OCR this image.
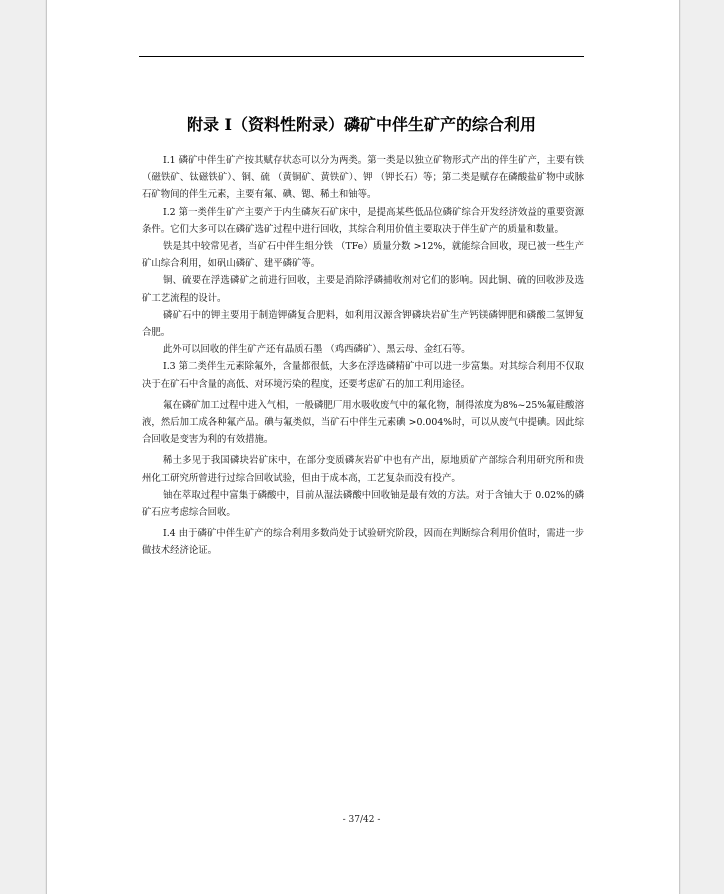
附录 I（资料性附录）磷矿中伴生矿产的综合利用

I.1 磷矿中伴生矿产按其赋存状态可以分为两类。第一类是以独立矿物形式产出的伴生矿产，主要有铁 （磁铁矿、钛磁铁矿）、铜、硫 （黄铜矿、黄铁矿）、钾 （钾长石）等；第二类是赋存在磷酸盐矿物中或脉石矿物间的伴生元素，主要有氟、碘、锶、稀土和铀等。

I.2 第一类伴生矿产主要产于内生磷灰石矿床中，是提高某些低品位磷矿综合开发经济效益的重要资源条件。它们大多可以在磷矿选矿过程中进行回收，其综合利用价值主要取决于伴生矿产的质量和数量。

铁是其中较常见者，当矿石中伴生组分铁 （TFe）质量分数 >12%，就能综合回收，现已被一些生产矿山综合利用，如矾山磷矿、建平磷矿等。

铜、硫要在浮选磷矿之前进行回收，主要是消除浮磷捕收剂对它们的影响。因此铜、硫的回收涉及选矿工艺流程的设计。

磷矿石中的钾主要用于制造钾磷复合肥料，如利用汉源含钾磷块岩矿生产钙镁磷钾肥和磷酸二氢钾复合肥。

此外可以回收的伴生矿产还有晶质石墨 （鸡西磷矿）、黑云母、金红石等。

I.3 第二类伴生元素除氟外，含量都很低，大多在浮选磷精矿中可以进一步富集。对其综合利用不仅取决于在矿石中含量的高低、对环境污染的程度，还要考虑矿石的加工利用途径。

氟在磷矿加工过程中进入气相，一般磷肥厂用水吸收废气中的氟化物，制得浓度为8%~25%氟硅酸溶液，然后加工成各种氟产品。碘与氟类似，当矿石中伴生元素碘 >0.004%时，可以从废气中提碘。因此综合回收是变害为利的有效措施。

稀土多见于我国磷块岩矿床中，在部分变质磷灰岩矿中也有产出，原地质矿产部综合利用研究所和贵州化工研究所曾进行过综合回收试验，但由于成本高，工艺复杂而没有投产。

铀在萃取过程中富集于磷酸中，目前从湿法磷酸中回收铀是最有效的方法。对于含铀大于 0.02%的磷矿石应考虑综合回收。

I.4 由于磷矿中伴生矿产的综合利用多数尚处于试验研究阶段，因而在判断综合利用价值时，需进一步做技术经济论证。

- 37/42 -
